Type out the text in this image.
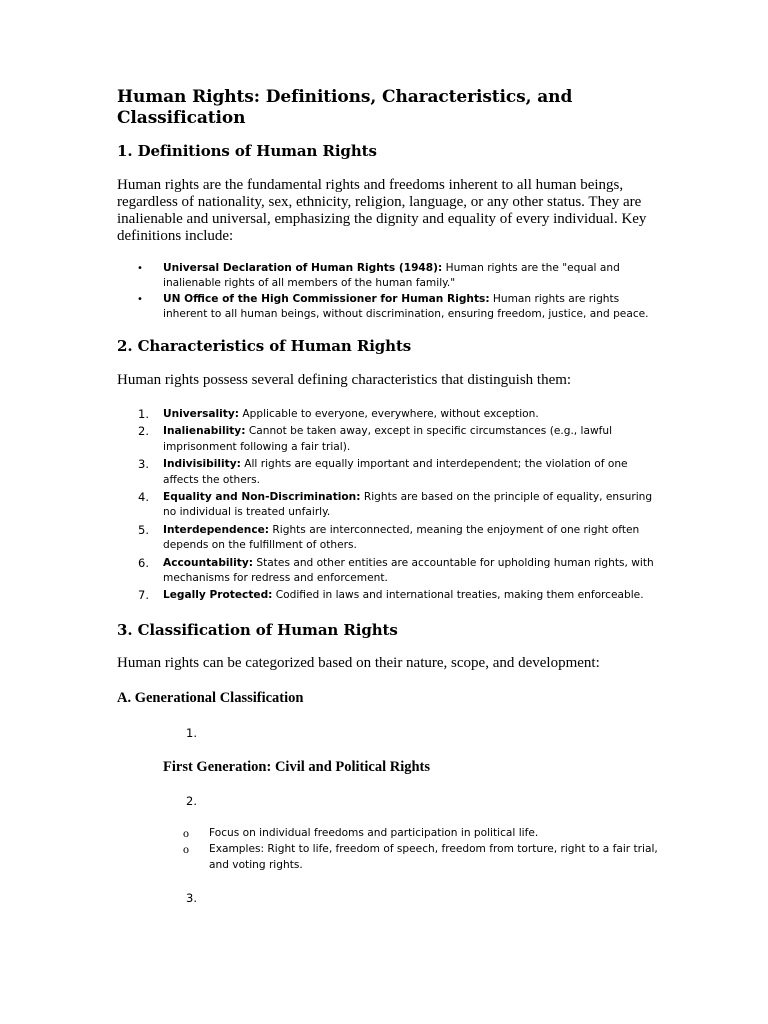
Human Rights: Definitions, Characteristics, and Classification
1. Definitions of Human Rights

Human rights are the fundamental rights and freedoms inherent to all human beings, regardless of nationality, sex, ethnicity, religion, language, or any other status. They are inalienable and universal, emphasizing the dignity and equality of every individual. Key definitions include:

•	Universal Declaration of Human Rights (1948): Human rights are the "equal and inalienable rights of all members of the human family."
•	UN Office of the High Commissioner for Human Rights: Human rights are rights inherent to all human beings, without discrimination, ensuring freedom, justice, and peace.
2. Characteristics of Human Rights

Human rights possess several defining characteristics that distinguish them:

1. Universality: Applicable to everyone, everywhere, without exception.
2. Inalienability: Cannot be taken away, except in specific circumstances (e.g., lawful imprisonment following a fair trial).
3. Indivisibility: All rights are equally important and interdependent; the violation of one affects the others.
4. Equality and Non-Discrimination: Rights are based on the principle of equality, ensuring no individual is treated unfairly.
5. Interdependence: Rights are interconnected, meaning the enjoyment of one right often depends on the fulfillment of others.
6. Accountability: States and other entities are accountable for upholding human rights, with mechanisms for redress and enforcement.
7. Legally Protected: Codified in laws and international treaties, making them enforceable.
3. Classification of Human Rights

Human rights can be categorized based on their nature, scope, and development:

A. Generational Classification
1.
First Generation: Civil and Political Rights
2.
o	Focus on individual freedoms and participation in political life.
o	Examples: Right to life, freedom of speech, freedom from torture, right to a fair trial, and voting rights.
3.
